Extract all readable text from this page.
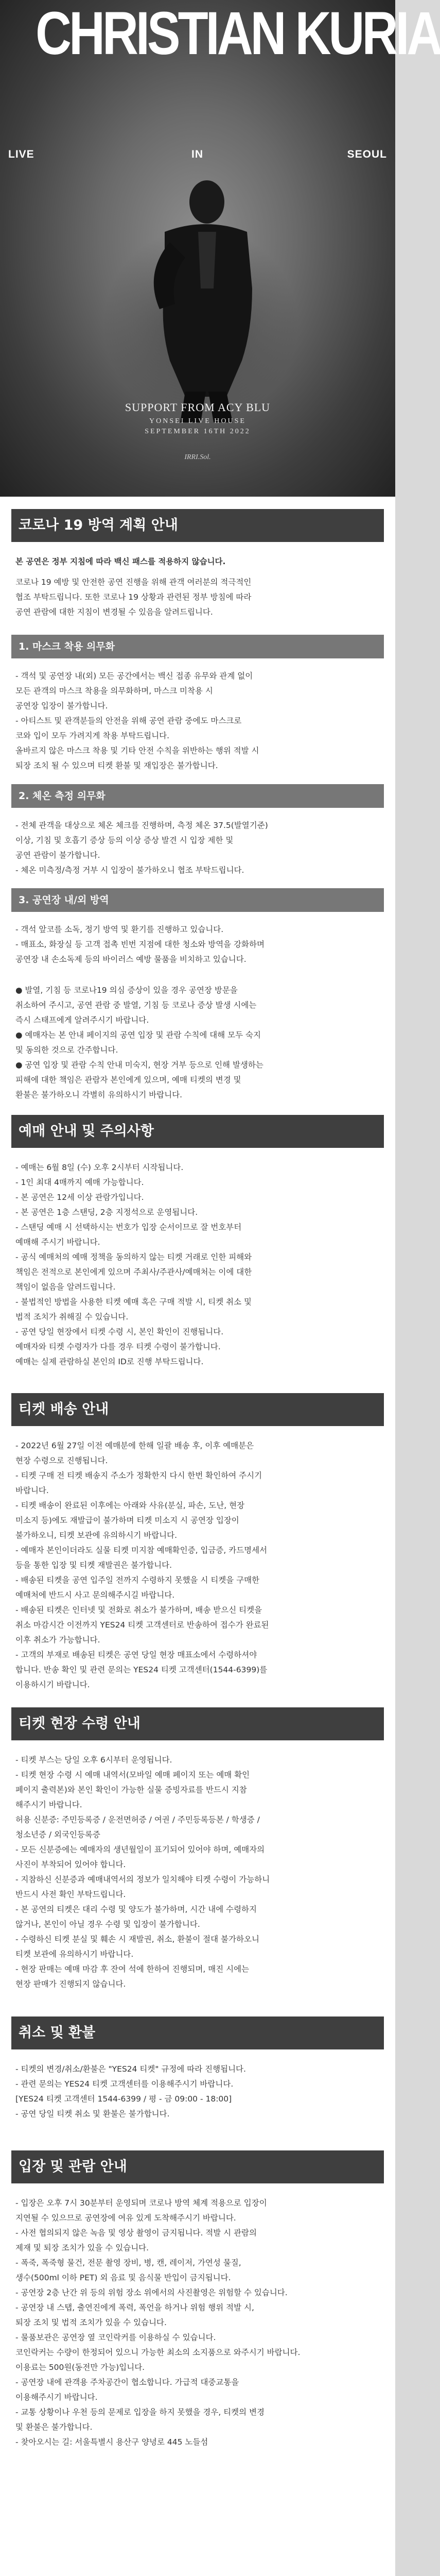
CHRISTIAN KURIA
LIVE	IN	SEOUL
SUPPORT FROM ACY BLU
YONSEI LIVE HOUSE
SEPTEMBER 16TH 2022
IRRI.Sol.
코로나 19 방역 계획 안내

본 공연은 정부 지침에 따라 백신 패스를 적용하지 않습니다.

코로나 19 예방 및 안전한 공연 진행을 위해 관객 여러분의 적극적인
협조 부탁드립니다. 또한 코로나 19 상황과 관련된 정부 방침에 따라
공연 관람에 대한 지침이 변경될 수 있음을 알려드립니다.

1. 마스크 착용 의무화

- 객석 및 공연장 내(외) 모든 공간에서는 백신 접종 유무와 관계 없이
모든 관객의 마스크 착용을 의무화하며, 마스크 미착용 시
공연장 입장이 불가합니다.
- 아티스트 및 관객분들의 안전을 위해 공연 관람 중에도 마스크로
코와 입이 모두 가려지게 착용 부탁드립니다.
올바르지 않은 마스크 착용 및 기타 안전 수칙을 위반하는 행위 적발 시
퇴장 조치 될 수 있으며 티켓 환불 및 재입장은 불가합니다.

2. 체온 측정 의무화

- 전체 관객을 대상으로 체온 체크를 진행하며, 측정 체온 37.5(발열기준)
이상, 기침 및 호흡기 증상 등의 이상 증상 발견 시 입장 제한 및
공연 관람이 불가합니다.
- 체온 미측정/측정 거부 시 입장이 불가하오니 협조 부탁드립니다.

3. 공연장 내/외 방역

- 객석 앞코를 소독, 정기 방역 및 환기를 진행하고 있습니다.
- 매표소, 화장실 등 고객 접촉 빈번 지점에 대한 청소와 방역을 강화하며
공연장 내 손소독제 등의 바이러스 예방 물품을 비치하고 있습니다.

● 발열, 기침 등 코로나19 의심 증상이 있을 경우 공연장 방문을
취소하여 주시고, 공연 관람 중 발열, 기침 등 코로나 증상 발생 시에는
즉시 스태프에게 알려주시기 바랍니다.
● 예매자는 본 안내 페이지의 공연 입장 및 관람 수칙에 대해 모두 숙지
및 동의한 것으로 간주합니다.
● 공연 입장 및 관람 수칙 안내 미숙지, 현장 거부 등으로 인해 발생하는
피해에 대한 책임은 관람자 본인에게 있으며, 예매 티켓의 변경 및
환불은 불가하오니 각별히 유의하시기 바랍니다.

예매 안내 및 주의사항

- 예매는 6월 8일 (수) 오후 2시부터 시작됩니다.
- 1인 최대 4매까지 예매 가능합니다.
- 본 공연은 12세 이상 관람가입니다.
- 본 공연은 1층 스탠딩, 2층 지정석으로 운영됩니다.
- 스탠딩 예매 시 선택하시는 번호가 입장 순서이므로 잘 번호부터
예매해 주시기 바랍니다.
- 공식 예매처의 예매 정책을 동의하지 않는 티켓 거래로 인한 피해와
책임은 전적으로 본인에게 있으며 주최사/주관사/예매처는 이에 대한
책임이 없음을 알려드립니다.
- 불법적인 방법을 사용한 티켓 예매 혹은 구매 적발 시, 티켓 취소 및
법적 조치가 취해질 수 있습니다.
- 공연 당일 현장에서 티켓 수령 시, 본인 확인이 진행됩니다.
예매자와 티켓 수령자가 다를 경우 티켓 수령이 불가합니다.
예매는 실제 관람하실 본인의 ID로 진행 부탁드립니다.

티켓 배송 안내

- 2022년 6월 27일 이전 예매분에 한해 일괄 배송 후, 이후 예매분은
현장 수령으로 진행됩니다.
- 티켓 구매 전 티켓 배송지 주소가 정확한지 다시 한번 확인하여 주시기
바랍니다.
- 티켓 배송이 완료된 이후에는 아래와 사유(분실, 파손, 도난, 현장
미소지 등)에도 재발급이 불가하며 티켓 미소지 시 공연장 입장이
불가하오니, 티켓 보관에 유의하시기 바랍니다.
- 예매자 본인이더라도 실물 티켓 미지참 예매확인증, 입금증, 카드명세서
등을 통한 입장 및 티켓 재발권은 불가합니다.
- 배송된 티켓을 공연 입주일 전까지 수령하지 못했을 시 티켓을 구매한
예매처에 반드시 사고 문의해주시길 바랍니다.
- 배송된 티켓은 인터넷 및 전화로 취소가 불가하며, 배송 받으신 티켓을
취소 마감시간 이전까지 YES24 티켓 고객센터로 반송하여 접수가 완료된
이후 취소가 가능합니다.
- 고객의 부재로 배송된 티켓은 공연 당일 현장 매표소에서 수령하셔야
합니다. 반송 확인 및 관련 문의는 YES24 티켓 고객센터(1544-6399)를
이용하시기 바랍니다.

티켓 현장 수령 안내

- 티켓 부스는 당일 오후 6시부터 운영됩니다.
- 티켓 현장 수령 시 예매 내역서(모바일 예매 페이지 또는 예매 확인
페이지 출력본)와 본인 확인이 가능한 실물 증빙자료를 반드시 지참
해주시기 바랍니다.
허용 신분증: 주민등록증 / 운전면허증 / 여권 / 주민등록등본 / 학생증 /
청소년증 / 외국인등록증
- 모든 신분증에는 예매자의 생년월일이 표기되어 있어야 하며, 예매자의
사진이 부착되어 있어야 합니다.
- 지참하신 신분증과 예매내역서의 정보가 일치해야 티켓 수령이 가능하니
반드시 사전 확인 부탁드립니다.
- 본 공연의 티켓은 대리 수령 및 양도가 불가하며, 시간 내에 수령하지
않거나, 본인이 아닐 경우 수령 및 입장이 불가합니다.
- 수령하신 티켓 분실 및 훼손 시 재발권, 취소, 환불이 절대 불가하오니
티켓 보관에 유의하시기 바랍니다.
- 현장 판매는 예매 마감 후 잔여 석에 한하여 진행되며, 매진 시에는
현장 판매가 진행되지 않습니다.

취소 및 환불

- 티켓의 변경/취소/환불은 "YES24 티켓" 규정에 따라 진행됩니다.
- 관련 문의는 YES24 티켓 고객센터를 이용해주시기 바랍니다.
[YES24 티켓 고객센터 1544-6399 / 평 - 금 09:00 - 18:00]
- 공연 당일 티켓 취소 및 환불은 불가합니다.

입장 및 관람 안내

- 입장은 오후 7시 30분부터 운영되며 코로나 방역 체계 적용으로 입장이
지연될 수 있으므로 공연장에 여유 있게 도착해주시기 바랍니다.
- 사전 협의되지 않은 녹음 및 영상 촬영이 금지됩니다. 적발 시 관람의
제재 및 퇴장 조치가 있을 수 있습니다.
- 폭죽, 폭죽형 물건, 전문 촬영 장비, 병, 캔, 레이저, 가연성 물질,
생수(500ml 이하 PET) 외 음료 및 음식물 반입이 금지됩니다.
- 공연장 2층 난간 위 등의 위험 장소 위에서의 사진촬영은 위험할 수 있습니다.
- 공연장 내 스탭, 출연진에게 폭력, 폭언을 하거나 위험 행위 적발 시,
퇴장 조치 및 법적 조치가 있을 수 있습니다.
- 물품보관은 공연장 옆 코인락커를 이용하실 수 있습니다.
코인락커는 수량이 한정되어 있으니 가능한 최소의 소지품으로 와주시기 바랍니다.
이용료는 500원(동전만 가능)입니다.
- 공연장 내에 관객용 주차공간이 협소합니다. 가급적 대중교통을
이용해주시기 바랍니다.
- 교통 상황이나 우천 등의 문제로 입장을 하지 못했을 경우, 티켓의 변경
및 환불은 불가합니다.
- 찾아오시는 길: 서울특별시 용산구 양녕로 445 노들섬
